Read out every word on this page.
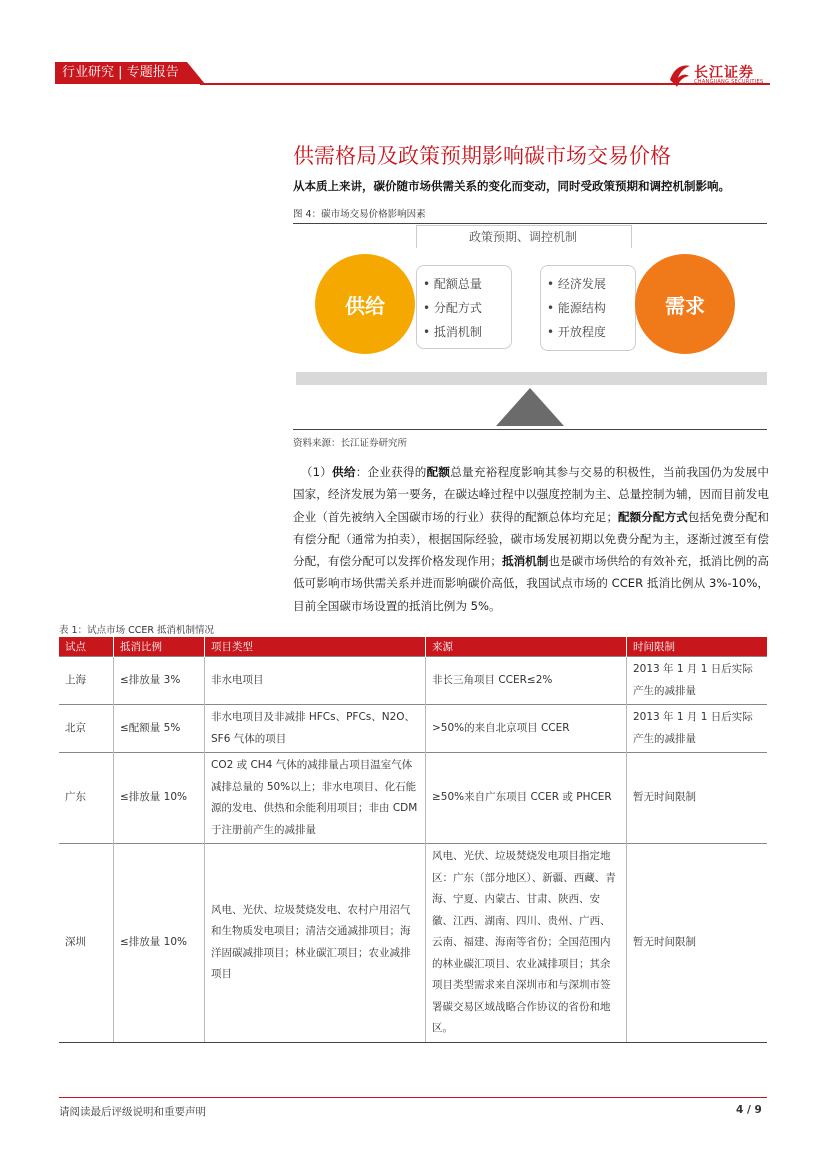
行业研究 | 专题报告	长江证券
CHANGJIANG SECURITIES
供需格局及政策预期影响碳市场交易价格
从本质上来讲，碳价随市场供需关系的变化而变动，同时受政策预期和调控机制影响。
图 4：碳市场交易价格影响因素
政策预期、调控机制
供给
• 配额总量
• 分配方式
• 抵消机制
• 经济发展
• 能源结构
• 开放程度
需求
资料来源：长江证券研究所
（1）供给：企业获得的配额总量充裕程度影响其参与交易的积极性，当前我国仍为发展中国家，经济发展为第一要务，在碳达峰过程中以强度控制为主、总量控制为辅，因而目前发电企业（首先被纳入全国碳市场的行业）获得的配额总体均充足；配额分配方式包括免费分配和有偿分配（通常为拍卖），根据国际经验，碳市场发展初期以免费分配为主，逐渐过渡至有偿分配，有偿分配可以发挥价格发现作用；抵消机制也是碳市场供给的有效补充，抵消比例的高低可影响市场供需关系并进而影响碳价高低，我国试点市场的 CCER 抵消比例从 3%-10%，目前全国碳市场设置的抵消比例为 5%。
表 1：试点市场 CCER 抵消机制情况
试点	抵消比例	项目类型	来源	时间限制
上海	≤排放量 3%	非水电项目	非长三角项目 CCER≤2%	2013 年 1 月 1 日后实际产生的减排量
北京	≤配额量 5%	非水电项目及非减排 HFCs、PFCs、N2O、SF6 气体的项目	>50%的来自北京项目 CCER	2013 年 1 月 1 日后实际产生的减排量
广东	≤排放量 10%	CO2 或 CH4 气体的减排量占项目温室气体减排总量的 50%以上；非水电项目、化石能源的发电、供热和余能利用项目；非由 CDM 于注册前产生的减排量	≥50%来自广东项目 CCER 或 PHCER	暂无时间限制
深圳	≤排放量 10%	风电、光伏、垃圾焚烧发电、农村户用沼气和生物质发电项目；清洁交通减排项目；海洋固碳减排项目；林业碳汇项目；农业减排项目	风电、光伏、垃圾焚烧发电项目指定地区：广东（部分地区）、新疆、西藏、青海、宁夏、内蒙古、甘肃、陕西、安徽、江西、湖南、四川、贵州、广西、云南、福建、海南等省份；全国范围内的林业碳汇项目、农业减排项目；其余项目类型需求来自深圳市和与深圳市签署碳交易区域战略合作协议的省份和地区。	暂无时间限制
请阅读最后评级说明和重要声明	4 / 9
